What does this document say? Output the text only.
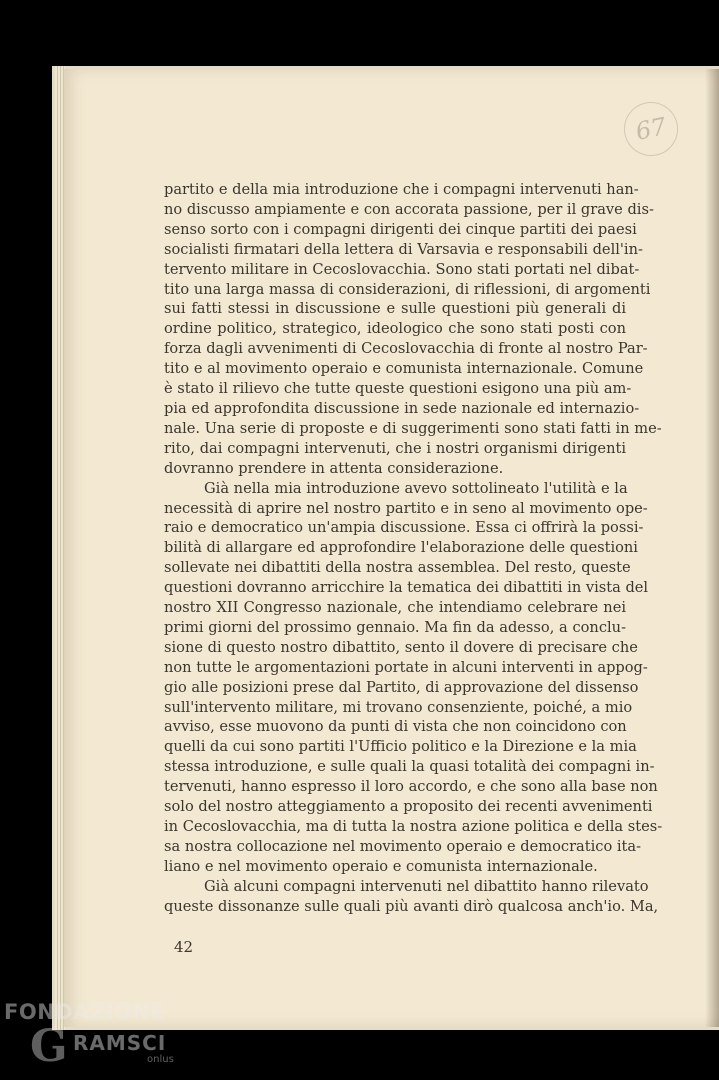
67

partito e della mia introduzione che i compagni intervenuti han-
no discusso ampiamente e con accorata passione, per il grave dis-
senso sorto con i compagni dirigenti dei cinque partiti dei paesi
socialisti firmatari della lettera di Varsavia e responsabili dell'in-
tervento militare in Cecoslovacchia. Sono stati portati nel dibat-
tito una larga massa di considerazioni, di riflessioni, di argomenti
sui fatti stessi in discussione e sulle questioni più generali di
ordine politico, strategico, ideologico che sono stati posti con
forza dagli avvenimenti di Cecoslovacchia di fronte al nostro Par-
tito e al movimento operaio e comunista internazionale. Comune
è stato il rilievo che tutte queste questioni esigono una più am-
pia ed approfondita discussione in sede nazionale ed internazio-
nale. Una serie di proposte e di suggerimenti sono stati fatti in me-
rito, dai compagni intervenuti, che i nostri organismi dirigenti
dovranno prendere in attenta considerazione.

Già nella mia introduzione avevo sottolineato l'utilità e la
necessità di aprire nel nostro partito e in seno al movimento ope-
raio e democratico un'ampia discussione. Essa ci offrirà la possi-
bilità di allargare ed approfondire l'elaborazione delle questioni
sollevate nei dibattiti della nostra assemblea. Del resto, queste
questioni dovranno arricchire la tematica dei dibattiti in vista del
nostro XII Congresso nazionale, che intendiamo celebrare nei
primi giorni del prossimo gennaio. Ma fin da adesso, a conclu-
sione di questo nostro dibattito, sento il dovere di precisare che
non tutte le argomentazioni portate in alcuni interventi in appog-
gio alle posizioni prese dal Partito, di approvazione del dissenso
sull'intervento militare, mi trovano consenziente, poiché, a mio
avviso, esse muovono da punti di vista che non coincidono con
quelli da cui sono partiti l'Ufficio politico e la Direzione e la mia
stessa introduzione, e sulle quali la quasi totalità dei compagni in-
tervenuti, hanno espresso il loro accordo, e che sono alla base non
solo del nostro atteggiamento a proposito dei recenti avvenimenti
in Cecoslovacchia, ma di tutta la nostra azione politica e della stes-
sa nostra collocazione nel movimento operaio e democratico ita-
liano e nel movimento operaio e comunista internazionale.

Già alcuni compagni intervenuti nel dibattito hanno rilevato
queste dissonanze sulle quali più avanti dirò qualcosa anch'io. Ma,

42
FONDAZIONE
G RAMSCI
onlus
